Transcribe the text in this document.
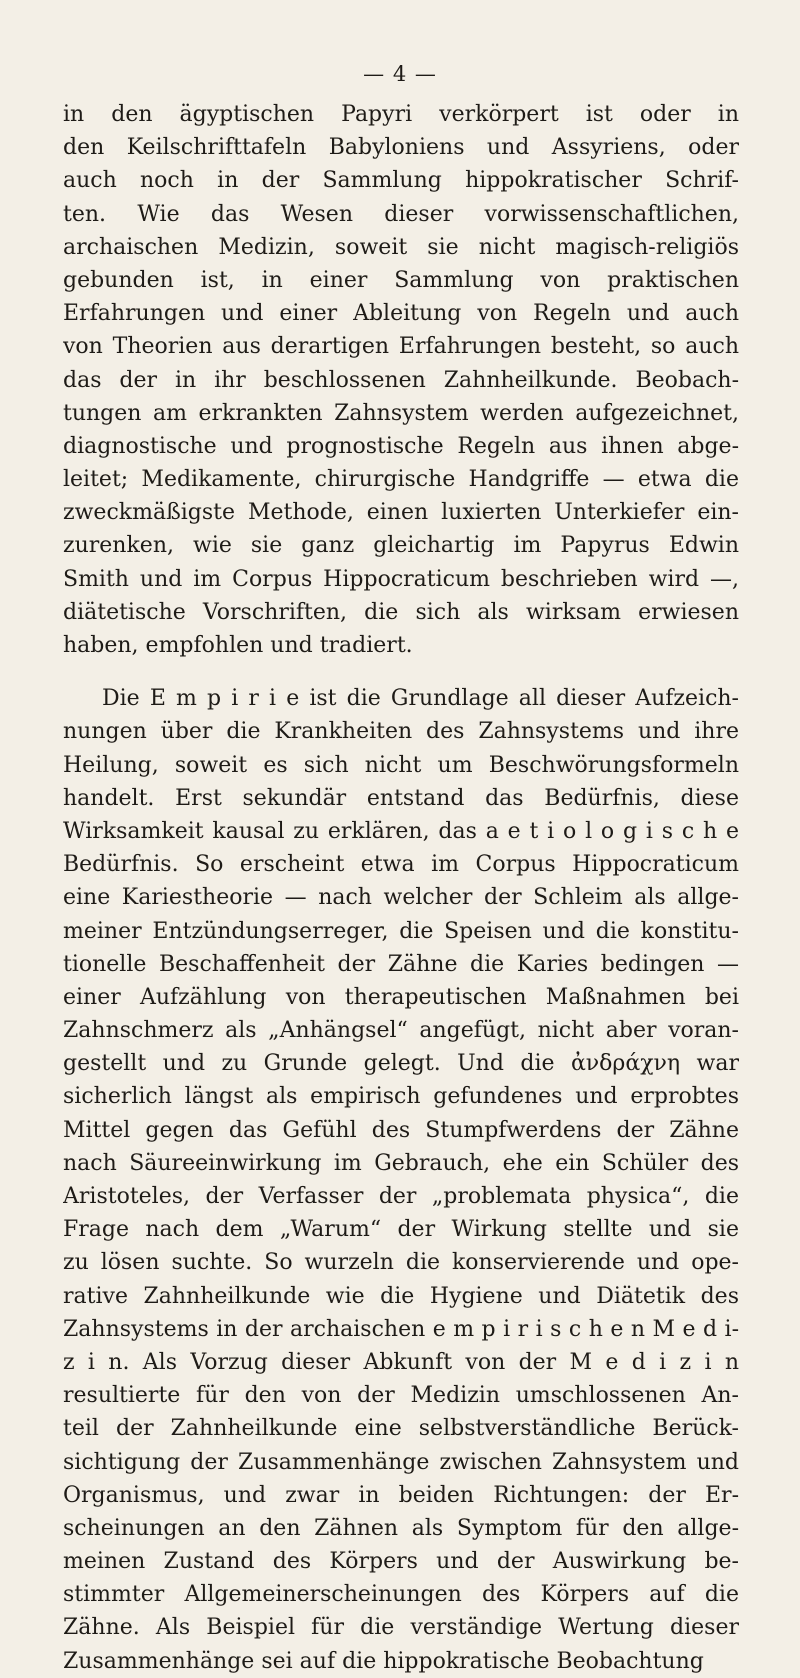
— 4 —
in den ägyptischen Papyri verkörpert ist oder in
den Keilschrifttafeln Babyloniens und Assyriens, oder
auch noch in der Sammlung hippokratischer Schrif-
ten. Wie das Wesen dieser vorwissenschaftlichen,
archaischen Medizin, soweit sie nicht magisch-religiös
gebunden ist, in einer Sammlung von praktischen
Erfahrungen und einer Ableitung von Regeln und auch
von Theorien aus derartigen Erfahrungen besteht, so auch
das der in ihr beschlossenen Zahnheilkunde. Beobach-
tungen am erkrankten Zahnsystem werden aufgezeichnet,
diagnostische und prognostische Regeln aus ihnen abge-
leitet; Medikamente, chirurgische Handgriffe — etwa die
zweckmäßigste Methode, einen luxierten Unterkiefer ein-
zurenken, wie sie ganz gleichartig im Papyrus Edwin
Smith und im Corpus Hippocraticum beschrieben wird —,
diätetische Vorschriften, die sich als wirksam erwiesen
haben, empfohlen und tradiert.
Die E m p i r i e ist die Grundlage all dieser Aufzeich-
nungen über die Krankheiten des Zahnsystems und ihre
Heilung, soweit es sich nicht um Beschwörungsformeln
handelt. Erst sekundär entstand das Bedürfnis, diese
Wirksamkeit kausal zu erklären, das a e t i o l o g i s c h e
Bedürfnis. So erscheint etwa im Corpus Hippocraticum
eine Kariestheorie — nach welcher der Schleim als allge-
meiner Entzündungserreger, die Speisen und die konstitu-
tionelle Beschaffenheit der Zähne die Karies bedingen —
einer Aufzählung von therapeutischen Maßnahmen bei
Zahnschmerz als „Anhängsel“ angefügt, nicht aber voran-
gestellt und zu Grunde gelegt. Und die ἀνδράχνη war
sicherlich längst als empirisch gefundenes und erprobtes
Mittel gegen das Gefühl des Stumpfwerdens der Zähne
nach Säureeinwirkung im Gebrauch, ehe ein Schüler des
Aristoteles, der Verfasser der „problemata physica“, die
Frage nach dem „Warum“ der Wirkung stellte und sie
zu lösen suchte. So wurzeln die konservierende und ope-
rative Zahnheilkunde wie die Hygiene und Diätetik des
Zahnsystems in der archaischen e m p i r i s c h e n M e d i-
z i n. Als Vorzug dieser Abkunft von der M e d i z i n
resultierte für den von der Medizin umschlossenen An-
teil der Zahnheilkunde eine selbstverständliche Berück-
sichtigung der Zusammenhänge zwischen Zahnsystem und
Organismus, und zwar in beiden Richtungen: der Er-
scheinungen an den Zähnen als Symptom für den allge-
meinen Zustand des Körpers und der Auswirkung be-
stimmter Allgemeinerscheinungen des Körpers auf die
Zähne. Als Beispiel für die verständige Wertung dieser
Zusammenhänge sei auf die hippokratische Beobachtung
